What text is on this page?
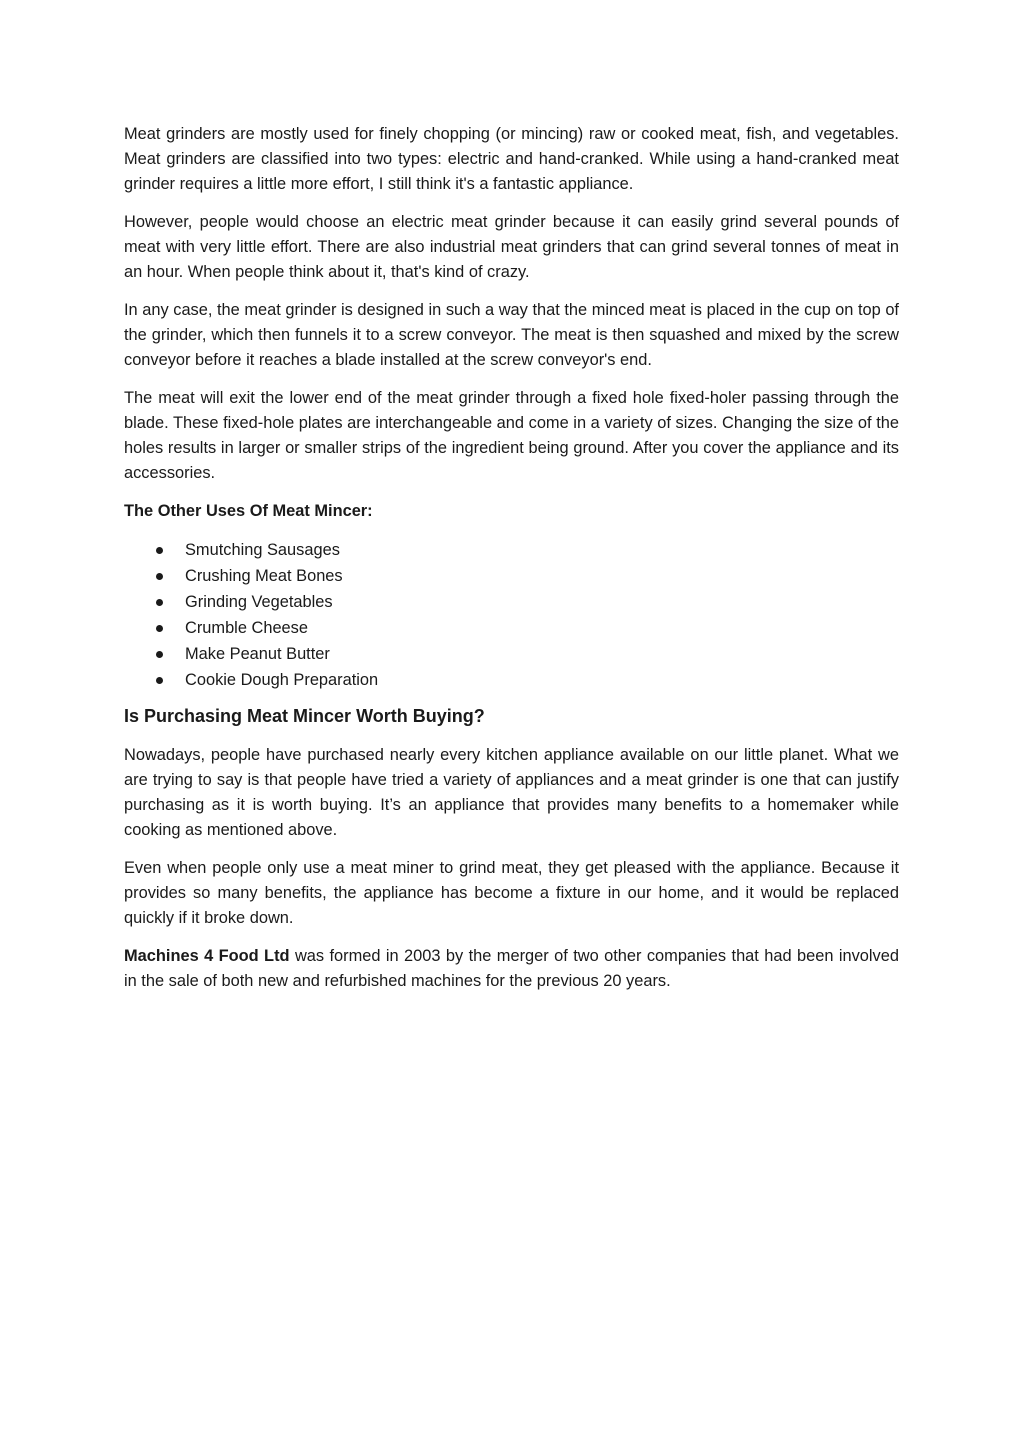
Meat grinders are mostly used for finely chopping (or mincing) raw or cooked meat, fish, and vegetables. Meat grinders are classified into two types: electric and hand-cranked. While using a hand-cranked meat grinder requires a little more effort, I still think it's a fantastic appliance.

However, people would choose an electric meat grinder because it can easily grind several pounds of meat with very little effort. There are also industrial meat grinders that can grind several tonnes of meat in an hour. When people think about it, that's kind of crazy.

In any case, the meat grinder is designed in such a way that the minced meat is placed in the cup on top of the grinder, which then funnels it to a screw conveyor. The meat is then squashed and mixed by the screw conveyor before it reaches a blade installed at the screw conveyor's end.

The meat will exit the lower end of the meat grinder through a fixed hole fixed-holer passing through the blade. These fixed-hole plates are interchangeable and come in a variety of sizes. Changing the size of the holes results in larger or smaller strips of the ingredient being ground. After you cover the appliance and its accessories.

The Other Uses Of Meat Mincer:

Smutching Sausages
Crushing Meat Bones
Grinding Vegetables
Crumble Cheese
Make Peanut Butter
Cookie Dough Preparation
Is Purchasing Meat Mincer Worth Buying?

Nowadays, people have purchased nearly every kitchen appliance available on our little planet. What we are trying to say is that people have tried a variety of appliances and a meat grinder is one that can justify purchasing as it is worth buying. It’s an appliance that provides many benefits to a homemaker while cooking as mentioned above.

Even when people only use a meat miner to grind meat, they get pleased with the appliance. Because it provides so many benefits, the appliance has become a fixture in our home, and it would be replaced quickly if it broke down.

Machines 4 Food Ltd was formed in 2003 by the merger of two other companies that had been involved in the sale of both new and refurbished machines for the previous 20 years.
